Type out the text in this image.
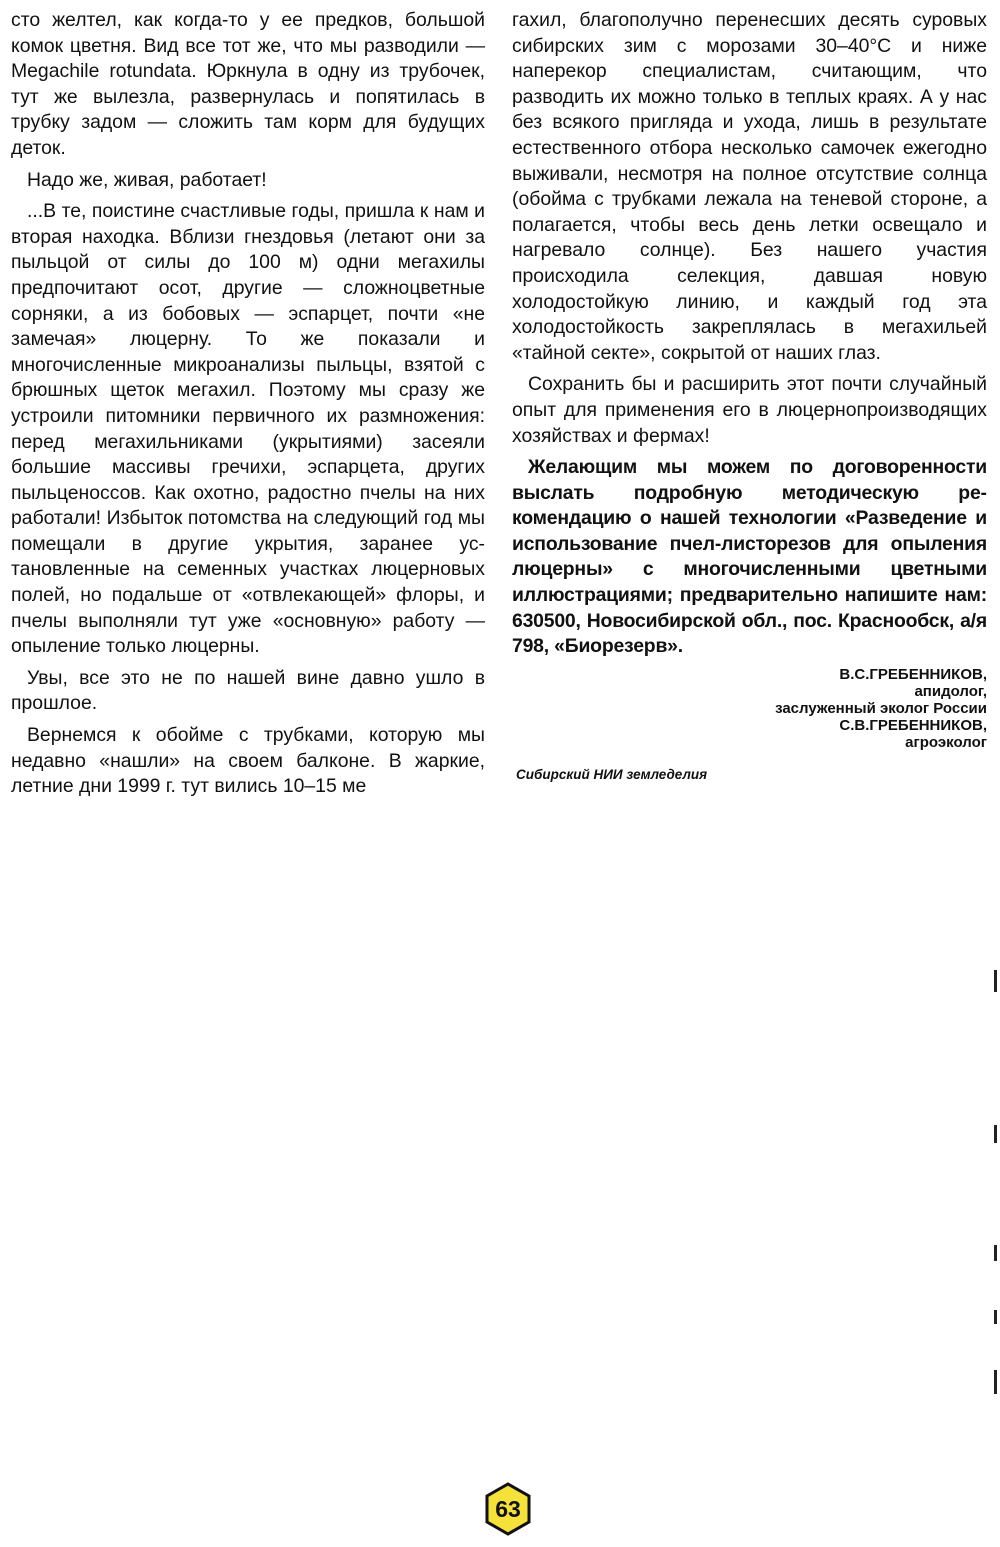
сто желтел, как когда-то у ее предков, большой комок цветня. Вид все тот же, что мы разводили — Megachile rotundata. Юркнула в одну из трубочек, тут же вылезла, развернулась и попятилась в трубку задом — сложить там корм для будущих деток.

Надо же, живая, работает!

...В те, поистине счастливые годы, пришла к нам и вторая находка. Вблизи гнездовья (летают они за пыльцой от силы до 100 м) одни мегахилы предпочитают осот, другие — сложноцветные сорняки, а из бобовых — эспарцет, почти «не замечая» люцерну. То же показали и многочисленные микроанализы пыльцы, взятой с брюшных щеток мегахил. Поэтому мы сразу же устроили питомники первичного их размножения: перед мегахильниками (укрытиями) засеяли большие массивы гречихи, эспарцета, других пыльценоссов. Как охотно, радостно пчелы на них работали! Избыток потомства на следующий год мы помещали в другие укрытия, заранее установленные на семенных участках люцерновых полей, но подальше от «отвлекающей» флоры, и пчелы выполняли тут уже «основную» работу — опыление только люцерны.

Увы, все это не по нашей вине давно ушло в прошлое.

Вернемся к обойме с трубками, которую мы недавно «нашли» на своем балконе. В жаркие, летние дни 1999 г. тут вились 10–15 ме

гахил, благополучно перенесших десять суровых сибирских зим с морозами 30–40°С и ниже наперекор специалистам, считающим, что разводить их можно только в теплых краях. А у нас без всякого пригляда и ухода, лишь в результате естественного отбора несколько самочек ежегодно выживали, несмотря на полное отсутствие солнца (обойма с трубками лежала на теневой стороне, а полагается, чтобы весь день летки освещало и нагревало солнце). Без нашего участия происходила селекция, давшая новую холодостойкую линию, и каждый год эта холодостойкость закреплялась в мегахильей «тайной секте», сокрытой от наших глаз.

Сохранить бы и расширить этот почти случайный опыт для применения его в люцернопроизводящих хозяйствах и фермах!

Желающим мы можем по договоренности выслать подробную методическую рекомендацию о нашей технологии «Разведение и использование пчел-листорезов для опыления люцерны» с многочисленными цветными иллюстрациями; предварительно напишите нам: 630500, Новосибирской обл., пос. Краснообск, а/я 798, «Биорезерв».

В.С.ГРЕБЕННИКОВ,
апидолог,
заслуженный эколог России
С.В.ГРЕБЕННИКОВ,
агроэколог
Сибирский НИИ земледелия
63
